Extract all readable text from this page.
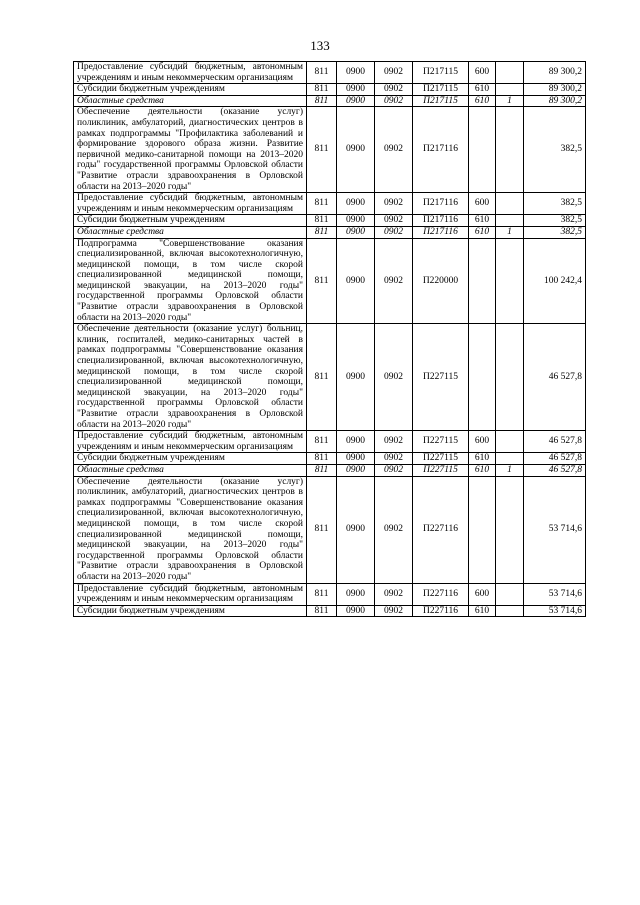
133
Предоставление субсидий бюджетным, автономным учреждениям и иным некоммерческим организациям	811	0900	0902	П217115	600		89 300,2
Субсидии бюджетным учреждениям	811	0900	0902	П217115	610		89 300,2
Областные средства	811	0900	0902	П217115	610	1	89 300,2
Обеспечение деятельности (оказание услуг) поликлиник, амбулаторий, диагностических центров в рамках подпрограммы "Профилактика заболеваний и формирование здорового образа жизни. Развитие первичной медико-санитарной помощи на 2013–2020 годы" государственной программы Орловской области "Развитие отрасли здравоохранения в Орловской области на 2013–2020 годы"	811	0900	0902	П217116			382,5
Предоставление субсидий бюджетным, автономным учреждениям и иным некоммерческим организациям	811	0900	0902	П217116	600		382,5
Субсидии бюджетным учреждениям	811	0900	0902	П217116	610		382,5
Областные средства	811	0900	0902	П217116	610	1	382,5
Подпрограмма "Совершенствование оказания специализированной, включая высокотехнологичную, медицинской помощи, в том числе скорой специализированной медицинской помощи, медицинской эвакуации, на 2013–2020 годы" государственной программы Орловской области "Развитие отрасли здравоохранения в Орловской области на 2013–2020 годы"	811	0900	0902	П220000			100 242,4
Обеспечение деятельности (оказание услуг) больниц, клиник, госпиталей, медико-санитарных частей в рамках подпрограммы "Совершенствование оказания специализированной, включая высокотехнологичную, медицинской помощи, в том числе скорой специализированной медицинской помощи, медицинской эвакуации, на 2013–2020 годы" государственной программы Орловской области "Развитие отрасли здравоохранения в Орловской области на 2013–2020 годы"	811	0900	0902	П227115			46 527,8
Предоставление субсидий бюджетным, автономным учреждениям и иным некоммерческим организациям	811	0900	0902	П227115	600		46 527,8
Субсидии бюджетным учреждениям	811	0900	0902	П227115	610		46 527,8
Областные средства	811	0900	0902	П227115	610	1	46 527,8
Обеспечение деятельности (оказание услуг) поликлиник, амбулаторий, диагностических центров в рамках подпрограммы "Совершенствование оказания специализированной, включая высокотехнологичную, медицинской помощи, в том числе скорой специализированной медицинской помощи, медицинской эвакуации, на 2013–2020 годы" государственной программы Орловской области "Развитие отрасли здравоохранения в Орловской области на 2013–2020 годы"	811	0900	0902	П227116			53 714,6
Предоставление субсидий бюджетным, автономным учреждениям и иным некоммерческим организациям	811	0900	0902	П227116	600		53 714,6
Субсидии бюджетным учреждениям	811	0900	0902	П227116	610		53 714,6
